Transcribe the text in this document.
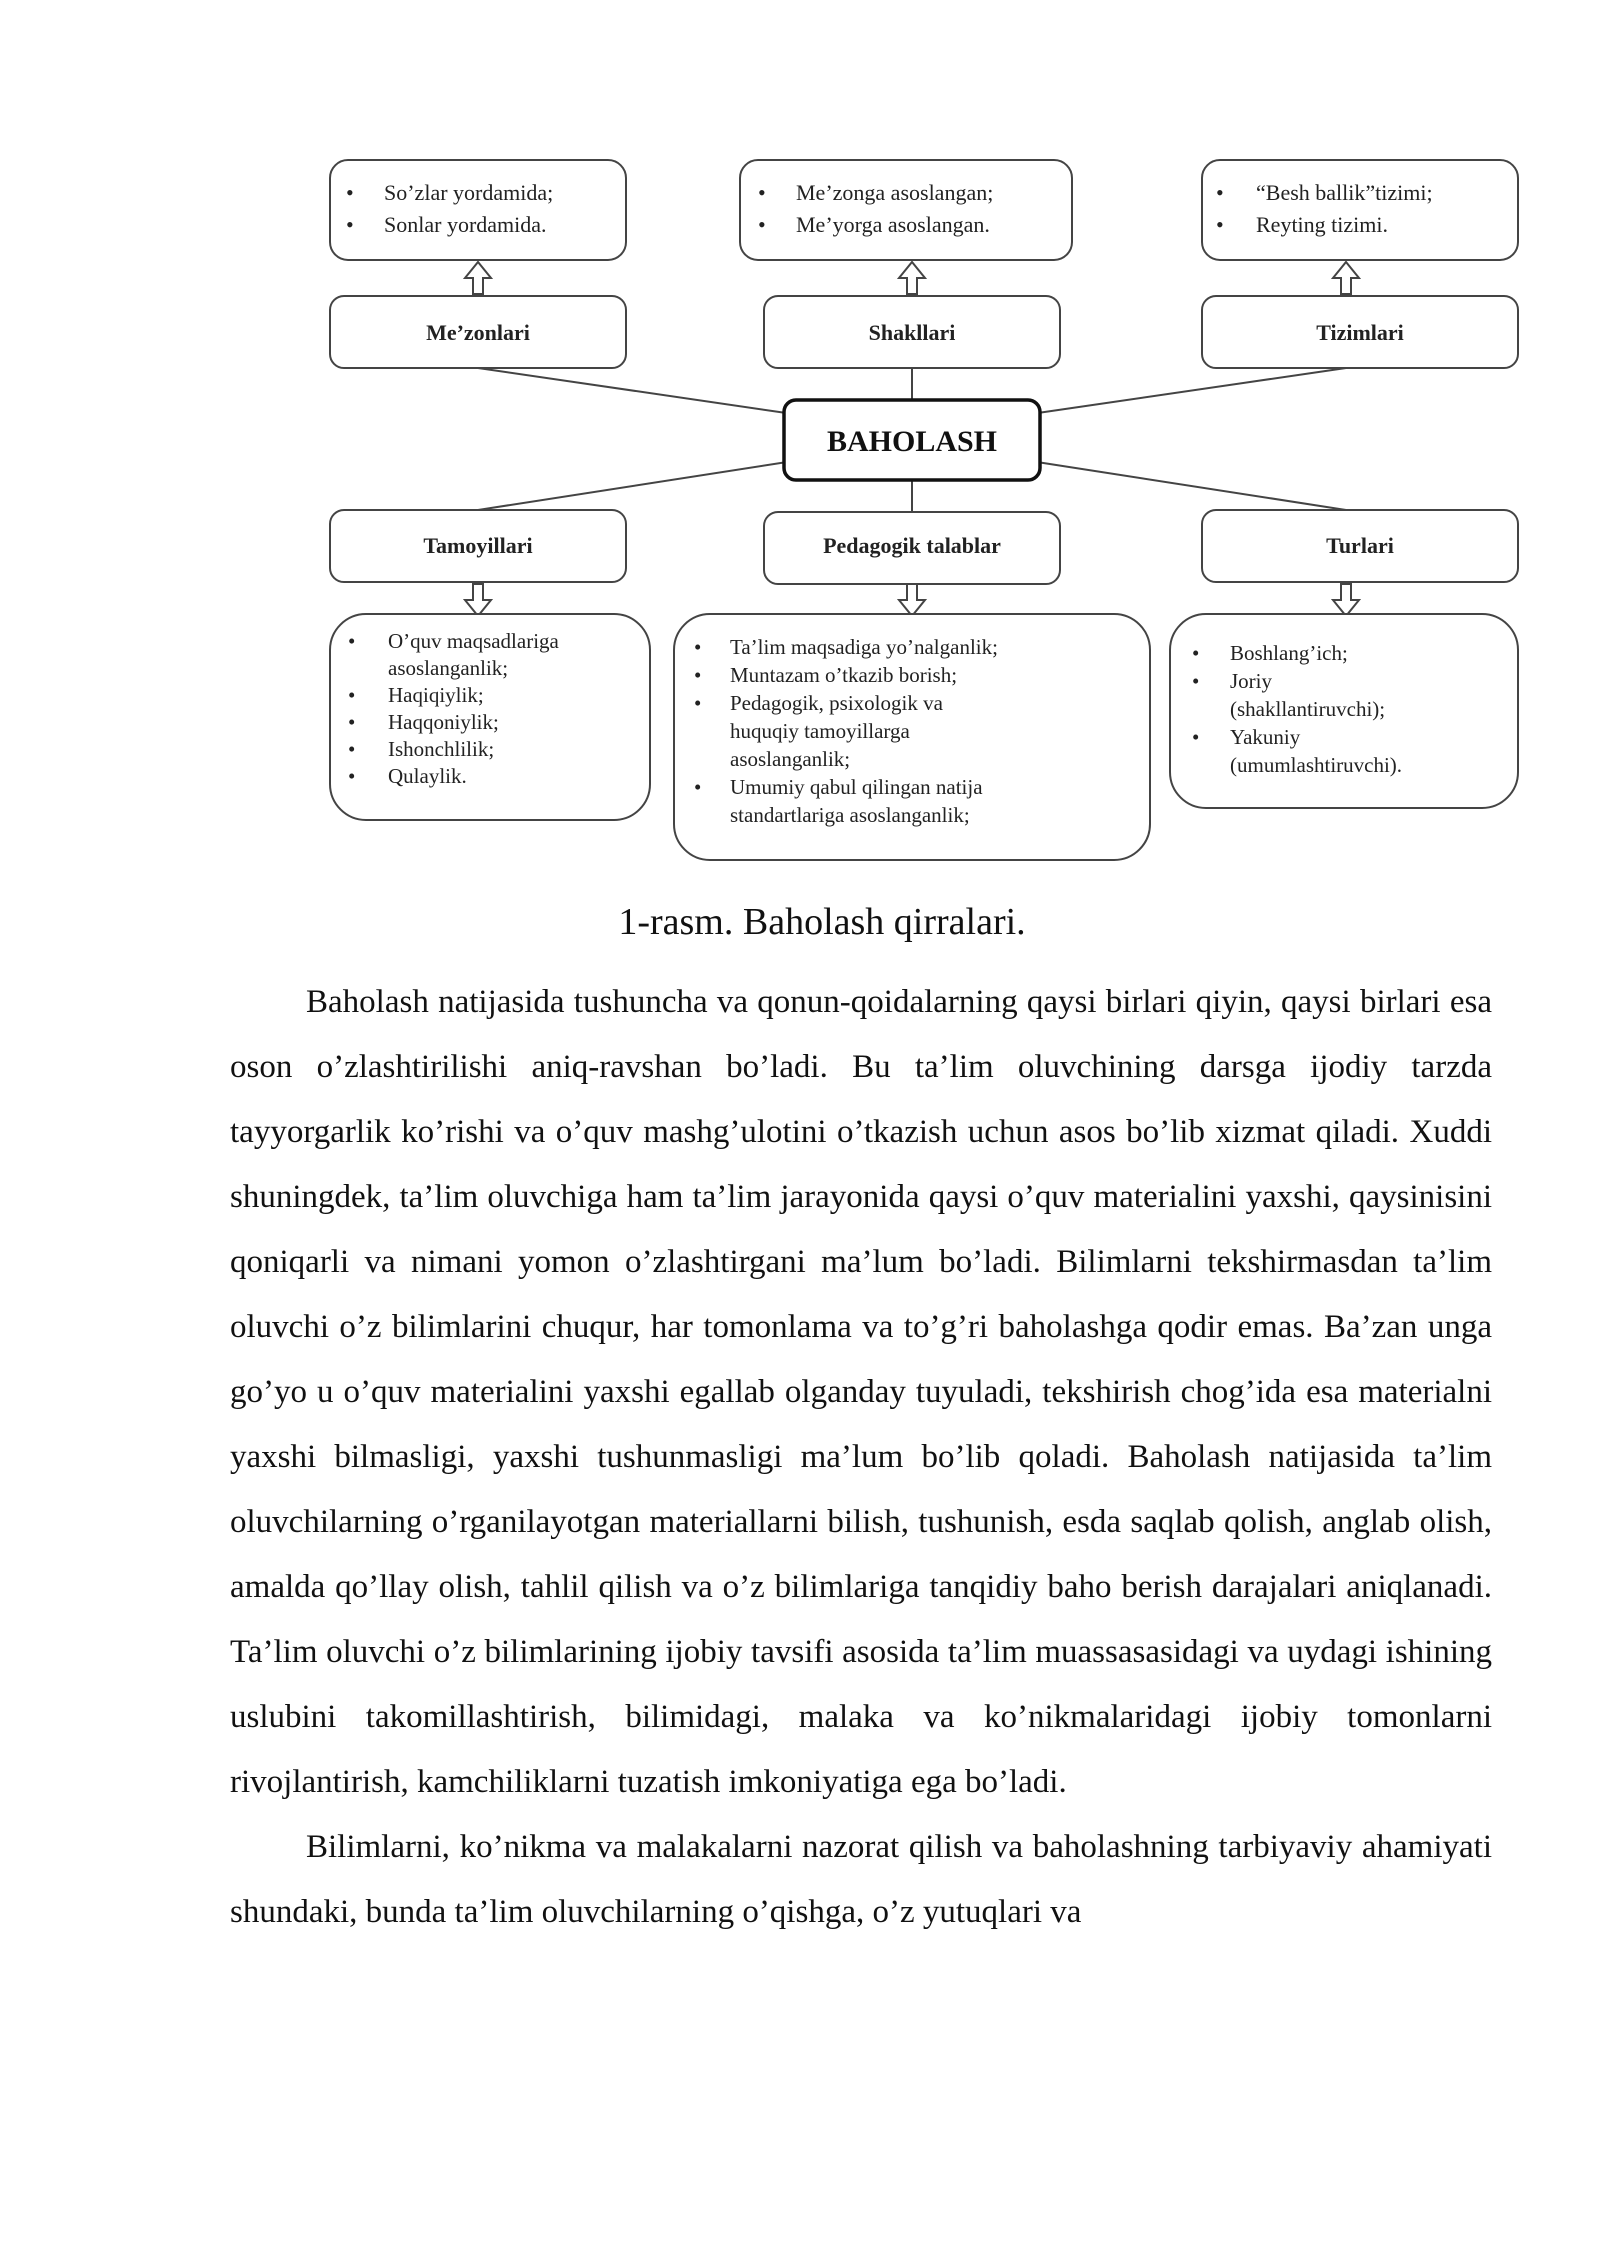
• So’zlar yordamida;
• Sonlar yordamida.
• Me’zonga asoslangan;
• Me’yorga asoslangan.
• “Besh ballik”tizimi;
• Reyting tizimi.
Me’zonlari	Shakllari	Tizimlari
BAHOLASH
Tamoyillari	Pedagogik talablar	Turlari
• O’quv maqsadlariga
asoslanganlik;
• Haqiqiylik;
• Haqqoniylik;
• Ishonchlilik;
• Qulaylik.
• Ta’lim maqsadiga yo’nalganlik;
• Muntazam o’tkazib borish;
• Pedagogik, psixologik va
huquqiy tamoyillarga
asoslanganlik;
• Umumiy qabul qilingan natija
standartlariga asoslanganlik;
• Boshlang’ich;
• Joriy
(shakllantiruvchi);
• Yakuniy
(umumlashtiruvchi).
1-rasm. Baholash qirralari.

Baholash natijasida tushuncha va qonun-qoidalarning qaysi birlari qiyin, qaysi birlari esa oson o’zlashtirilishi aniq-ravshan bo’ladi. Bu ta’lim oluvchining darsga ijodiy tarzda tayyorgarlik ko’rishi va o’quv mashg’ulotini o’tkazish uchun asos bo’lib xizmat qiladi. Xuddi shuningdek, ta’lim oluvchiga ham ta’lim jarayonida qaysi o’quv materialini yaxshi, qaysinisini qoniqarli va nimani yomon o’zlashtirgani ma’lum bo’ladi. Bilimlarni tekshirmasdan ta’lim oluvchi o’z bilimlarini chuqur, har tomonlama va to’g’ri baholashga qodir emas. Ba’zan unga go’yo u o’quv materialini yaxshi egallab olganday tuyuladi, tekshirish chog’ida esa materialni yaxshi bilmasligi, yaxshi tushunmasligi ma’lum bo’lib qoladi. Baholash natijasida ta’lim oluvchilarning o’rganilayotgan materiallarni bilish, tushunish, esda saqlab qolish, anglab olish, amalda qo’llay olish, tahlil qilish va o’z bilimlariga tanqidiy baho berish darajalari aniqlanadi. Ta’lim oluvchi o’z bilimlarining ijobiy tavsifi asosida ta’lim muassasasidagi va uydagi ishining uslubini takomillashtirish, bilimidagi, malaka va ko’nikmalaridagi ijobiy tomonlarni rivojlantirish, kamchiliklarni tuzatish imkoniyatiga ega bo’ladi.

Bilimlarni, ko’nikma va malakalarni nazorat qilish va baholashning tarbiyaviy ahamiyati shundaki, bunda ta’lim oluvchilarning o’qishga, o’z yutuqlari va
